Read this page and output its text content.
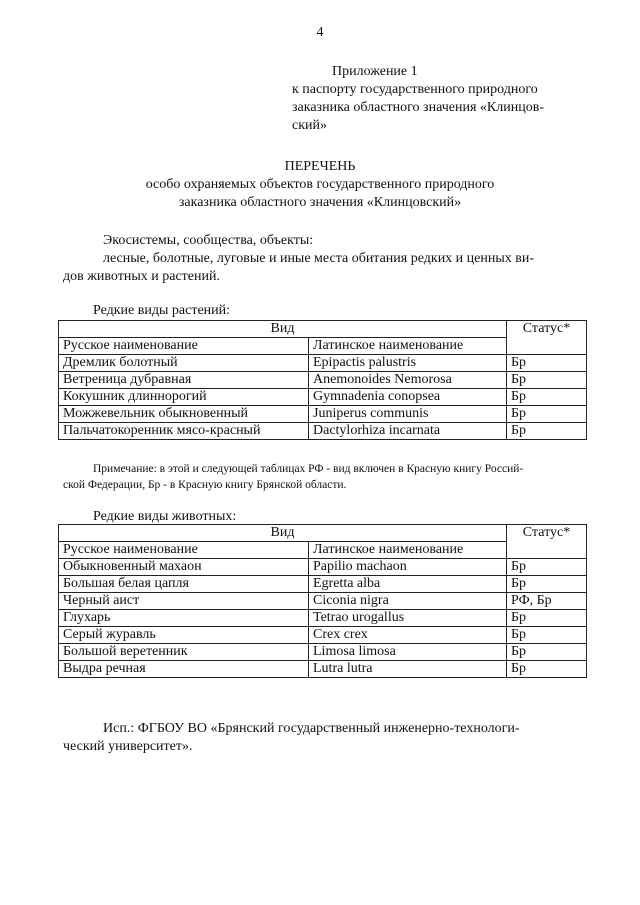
4
Приложение 1
к паспорту государственного природного
заказника областного значения «Клинцов-
ский»
ПЕРЕЧЕНЬ
особо охраняемых объектов государственного природного
заказника областного значения «Клинцовский»
Экосистемы, сообщества, объекты:
лесные, болотные, луговые и иные места обитания редких и ценных ви-
дов животных и растений.
Редкие виды растений:
Вид		Статус*
Русское наименование	Латинское наименование	
Дремлик болотный	Epipactis palustris	Бр
Ветреница дубравная	Anemonoides Nemorosa	Бр
Кокушник длиннорогий	Gymnadenia conopsea	Бр
Можжевельник обыкновенный	Juniperus communis	Бр
Пальчатокоренник мясо-красный	Dactylorhiza incarnata	Бр
Примечание: в этой и следующей таблицах РФ - вид включен в Красную книгу Россий-
ской Федерации, Бр - в Красную книгу Брянской области.
Редкие виды животных:
Вид		Статус*
Русское наименование	Латинское наименование	
Обыкновенный махаон	Papilio machaon	Бр
Большая белая цапля	Egretta alba	Бр
Черный аист	Ciconia nigra	РФ, Бр
Глухарь	Tetrao urogallus	Бр
Серый журавль	Crex crex	Бр
Большой веретенник	Limosa limosa	Бр
Выдра речная	Lutra lutra	Бр
Исп.: ФГБОУ ВО «Брянский государственный инженерно-технологи-
ческий университет».
